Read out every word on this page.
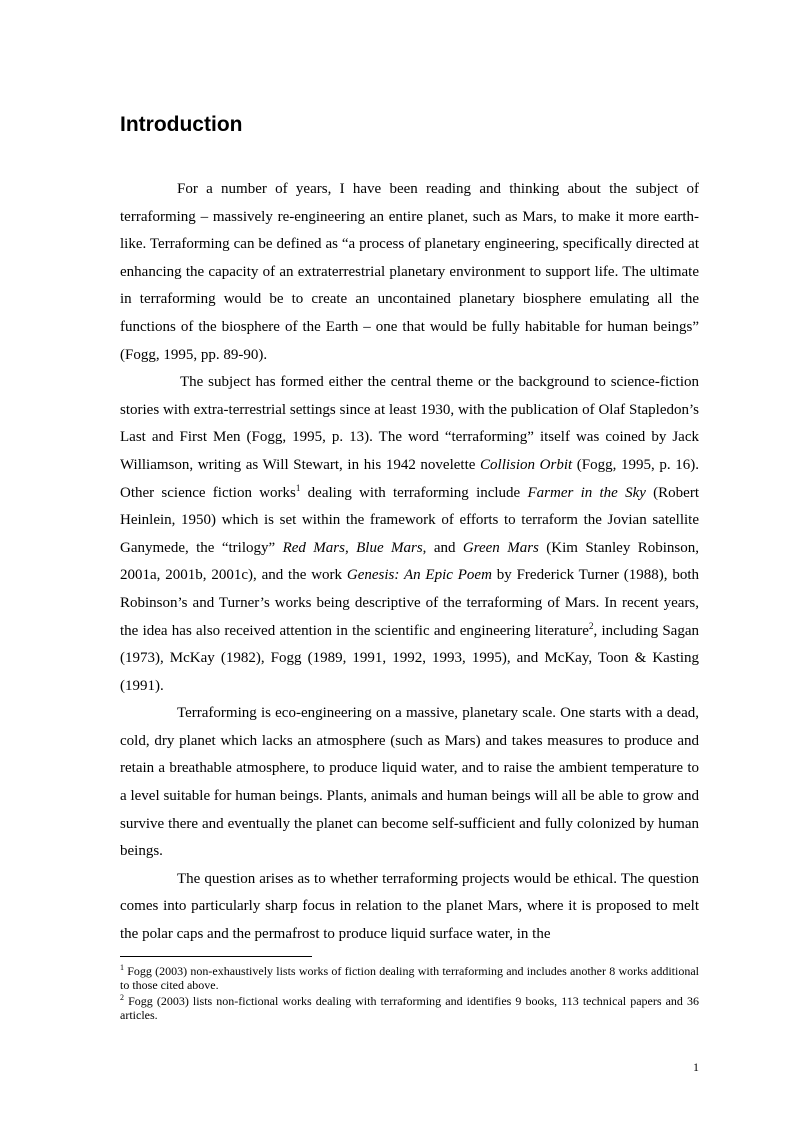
Introduction

For a number of years, I have been reading and thinking about the subject of terraforming – massively re-engineering an entire planet, such as Mars, to make it more earth-like. Terraforming can be defined as “a process of planetary engineering, specifically directed at enhancing the capacity of an extraterrestrial planetary environment to support life. The ultimate in terraforming would be to create an uncontained planetary biosphere emulating all the functions of the biosphere of the Earth – one that would be fully habitable for human beings” (Fogg, 1995, pp. 89-90).

The subject has formed either the central theme or the background to science-fiction stories with extra-terrestrial settings since at least 1930, with the publication of Olaf Stapledon’s Last and First Men (Fogg, 1995, p. 13). The word “terraforming” itself was coined by Jack Williamson, writing as Will Stewart, in his 1942 novelette Collision Orbit (Fogg, 1995, p. 16). Other science fiction works$^1$ dealing with terraforming include Farmer in the Sky (Robert Heinlein, 1950) which is set within the framework of efforts to terraform the Jovian satellite Ganymede, the “trilogy” Red Mars, Blue Mars, and Green Mars (Kim Stanley Robinson, 2001a, 2001b, 2001c), and the work Genesis: An Epic Poem by Frederick Turner (1988), both Robinson’s and Turner’s works being descriptive of the terraforming of Mars. In recent years, the idea has also received attention in the scientific and engineering literature$^2$, including Sagan (1973), McKay (1982), Fogg (1989, 1991, 1992, 1993, 1995), and McKay, Toon & Kasting (1991).

Terraforming is eco-engineering on a massive, planetary scale. One starts with a dead, cold, dry planet which lacks an atmosphere (such as Mars) and takes measures to produce and retain a breathable atmosphere, to produce liquid water, and to raise the ambient temperature to a level suitable for human beings. Plants, animals and human beings will all be able to grow and survive there and eventually the planet can become self-sufficient and fully colonized by human beings.

The question arises as to whether terraforming projects would be ethical. The question comes into particularly sharp focus in relation to the planet Mars, where it is proposed to melt the polar caps and the permafrost to produce liquid surface water, in the

$^1$ Fogg (2003) non-exhaustively lists works of fiction dealing with terraforming and includes another 8 works additional to those cited above.

$^2$ Fogg (2003) lists non-fictional works dealing with terraforming and identifies 9 books, 113 technical papers and 36 articles.

1
